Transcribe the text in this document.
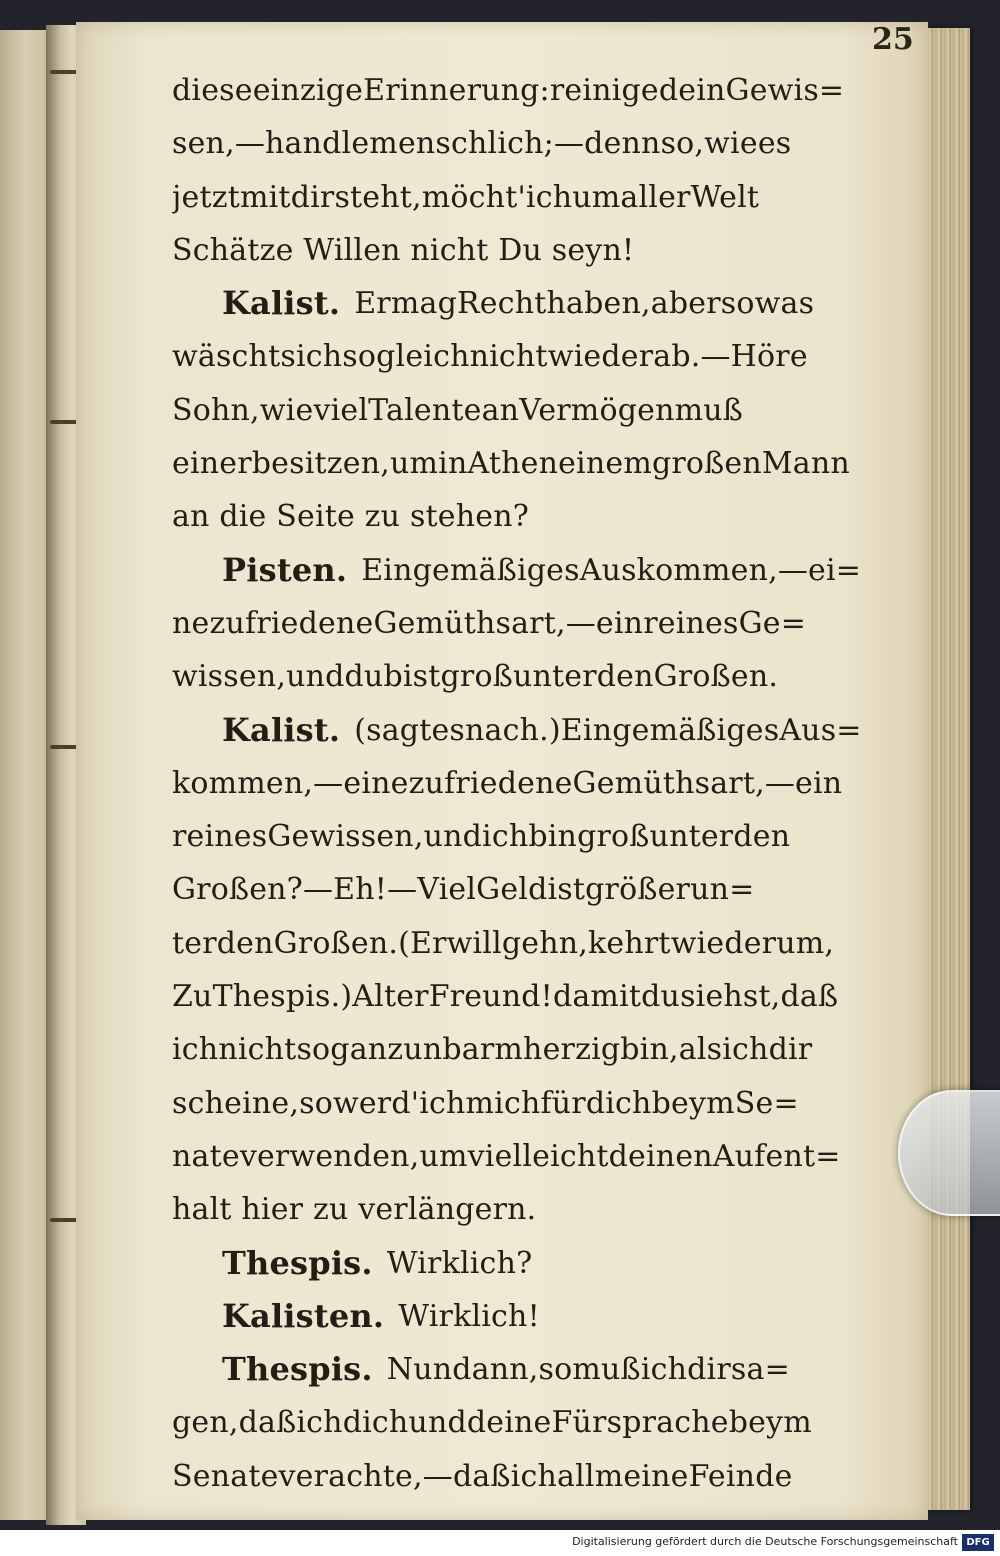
25
dieseeinzigeErinnerung:reinigedeinGewis=
sen,—handlemenschlich;—dennso,wiees
jetztmitdirsteht,möcht'ichumallerWelt
Schätze Willen nicht Du seyn!
Kalist. ErmagRechthaben,abersowas
wäschtsichsogleichnichtwiederab.—Höre
Sohn,wievielTalenteanVermögenmuß
einerbesitzen,uminAtheneinemgroßenMann
an die Seite zu stehen?
Pisten. EingemäßigesAuskommen,—ei=
nezufriedeneGemüthsart,—einreinesGe=
wissen,unddubistgroßunterdenGroßen.
Kalist. (sagtesnach.)EingemäßigesAus=
kommen,—einezufriedeneGemüthsart,—ein
reinesGewissen,undichbingroßunterden
Großen?—Eh!—VielGeldistgrößerun=
terdenGroßen.(Erwillgehn,kehrtwiederum,
ZuThespis.)AlterFreund!damitdusiehst,daß
ichnichtsoganzunbarmherzigbin,alsichdir
scheine,sowerd'ichmichfürdichbeymSe=
nateverwenden,umvielleichtdeinenAufent=
halt hier zu verlängern.
Thespis. Wirklich?
Kalisten. Wirklich!
Thespis. Nundann,somußichdirsa=
gen,daßichdichunddeineFürsprachebeym
Senateverachte,—daßichallmeineFeinde
Digitalisierung gefördert durch die Deutsche Forschungsgemeinschaft DFG
